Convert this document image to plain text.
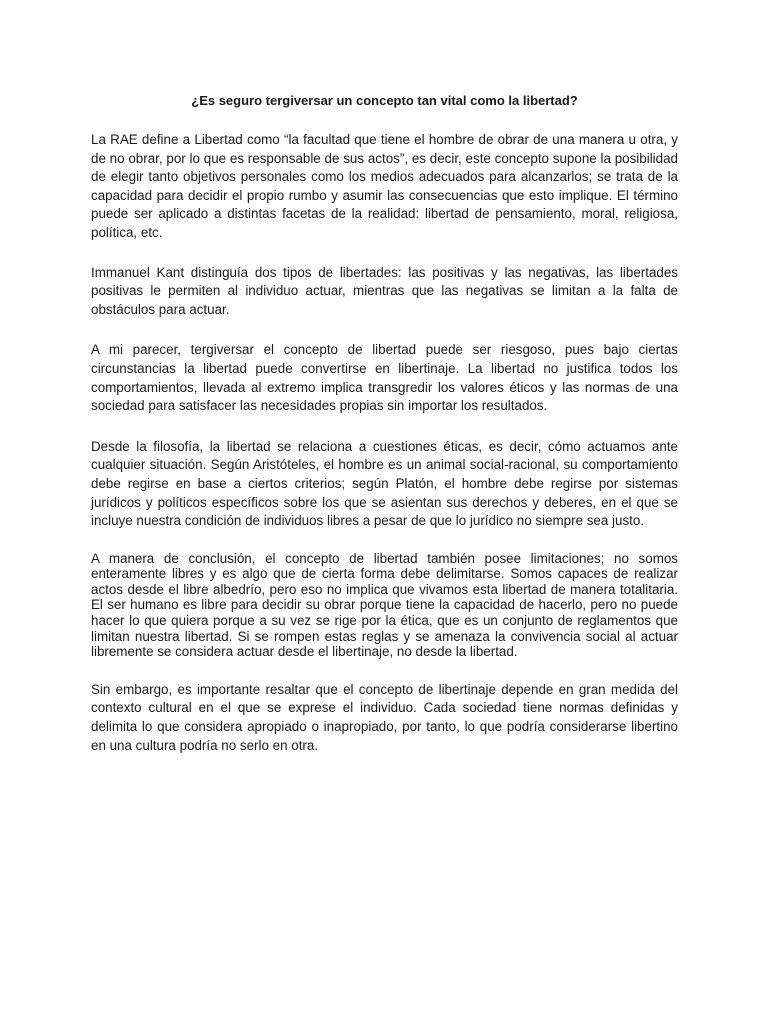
¿Es seguro tergiversar un concepto tan vital como la libertad?

La RAE define a Libertad como “la facultad que tiene el hombre de obrar de una manera u otra, y de no obrar, por lo que es responsable de sus actos”, es decir, este concepto supone la posibilidad de elegir tanto objetivos personales como los medios adecuados para alcanzarlos; se trata de la capacidad para decidir el propio rumbo y asumir las consecuencias que esto implique. El término puede ser aplicado a distintas facetas de la realidad: libertad de pensamiento, moral, religiosa, política, etc.

Immanuel Kant distinguía dos tipos de libertades: las positivas y las negativas, las libertades positivas le permiten al individuo actuar, mientras que las negativas se limitan a la falta de obstáculos para actuar.

A mi parecer, tergiversar el concepto de libertad puede ser riesgoso, pues bajo ciertas circunstancias la libertad puede convertirse en libertinaje. La libertad no justifica todos los comportamientos, llevada al extremo implica transgredir los valores éticos y las normas de una sociedad para satisfacer las necesidades propias sin importar los resultados.

Desde la filosofía, la libertad se relaciona a cuestiones éticas, es decir, cómo actuamos ante cualquier situación. Según Aristóteles, el hombre es un animal social-racional, su comportamiento debe regirse en base a ciertos criterios; según Platón, el hombre debe regirse por sistemas jurídicos y políticos específicos sobre los que se asientan sus derechos y deberes, en el que se incluye nuestra condición de individuos libres a pesar de que lo jurídico no siempre sea justo.

A manera de conclusión, el concepto de libertad también posee limitaciones; no somos enteramente libres y es algo que de cierta forma debe delimitarse. Somos capaces de realizar actos desde el libre albedrío, pero eso no implica que vivamos esta libertad de manera totalitaria. El ser humano es libre para decidir su obrar porque tiene la capacidad de hacerlo, pero no puede hacer lo que quiera porque a su vez se rige por la ética, que es un conjunto de reglamentos que limitan nuestra libertad. Si se rompen estas reglas y se amenaza la convivencia social al actuar libremente se considera actuar desde el libertinaje, no desde la libertad.

Sin embargo, es importante resaltar que el concepto de libertinaje depende en gran medida del contexto cultural en el que se exprese el individuo. Cada sociedad tiene normas definidas y delimita lo que considera apropiado o inapropiado, por tanto, lo que podría considerarse libertino en una cultura podría no serlo en otra.
